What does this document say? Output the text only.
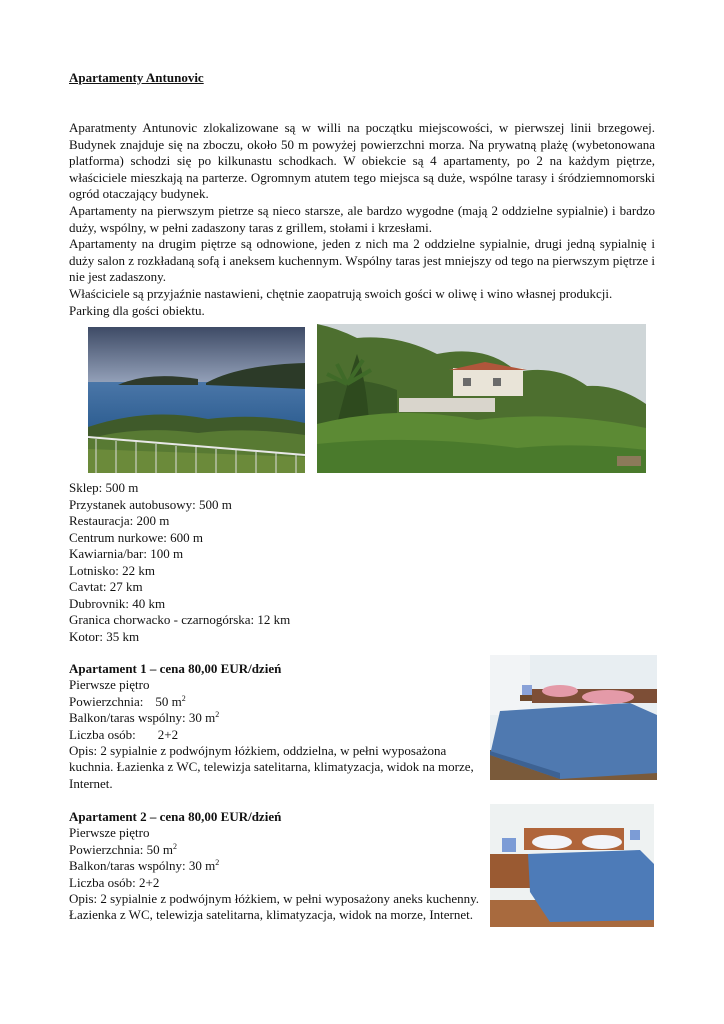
Apartamenty Antunovic

Aparatmenty Antunovic zlokalizowane są w willi na początku miejscowości, w pierwszej linii brzegowej. Budynek znajduje się na zboczu, około 50 m powyżej powierzchni morza. Na prywatną plażę (wybetonowana platforma) schodzi się po kilkunastu schodkach. W obiekcie są 4 apartamenty, po 2 na każdym piętrze, właściciele mieszkają na parterze. Ogromnym atutem tego miejsca są duże, wspólne tarasy i śródziemnomorski ogród otaczający budynek.

Apartamenty na pierwszym pietrze są nieco starsze, ale bardzo wygodne (mają 2 oddzielne sypialnie) i bardzo duży, wspólny, w pełni zadaszony taras z grillem, stołami i krzesłami.

Apartamenty na drugim piętrze są odnowione, jeden z nich ma 2 oddzielne sypialnie, drugi jedną sypialnię i duży salon z rozkładaną sofą i aneksem kuchennym. Wspólny taras jest mniejszy od tego na pierwszym piętrze i nie jest zadaszony.

Właściciele są przyjaźnie nastawieni, chętnie zaopatrują swoich gości w oliwę i wino własnej produkcji.

Parking dla gości obiektu.

Sklep: 500 m
Przystanek autobusowy: 500 m
Restauracja: 200 m
Centrum nurkowe: 600 m
Kawiarnia/bar: 100 m
Lotnisko: 22 km
Cavtat: 27 km
Dubrovnik: 40 km
Granica chorwacko - czarnogórska: 12 km
Kotor: 35 km
Apartament 1 – cena 80,00 EUR/dzień
Pierwsze piętro
Powierzchnia: 50 $m^2$
Balkon/taras wspólny: 30 $m^2$
Liczba osób: 2+2

Opis: 2 sypialnie z podwójnym łóżkiem, oddzielna, w pełni wyposażona kuchnia. Łazienka z WC, telewizja satelitarna, klimatyzacja, widok na morze, Internet.

Apartament 2 – cena 80,00 EUR/dzień
Pierwsze piętro
Powierzchnia: 50 $m^2$
Balkon/taras wspólny: 30 $m^2$
Liczba osób: 2+2

Opis: 2 sypialnie z podwójnym łóżkiem, w pełni wyposażony aneks kuchenny. Łazienka z WC, telewizja satelitarna, klimatyzacja, widok na morze, Internet.
